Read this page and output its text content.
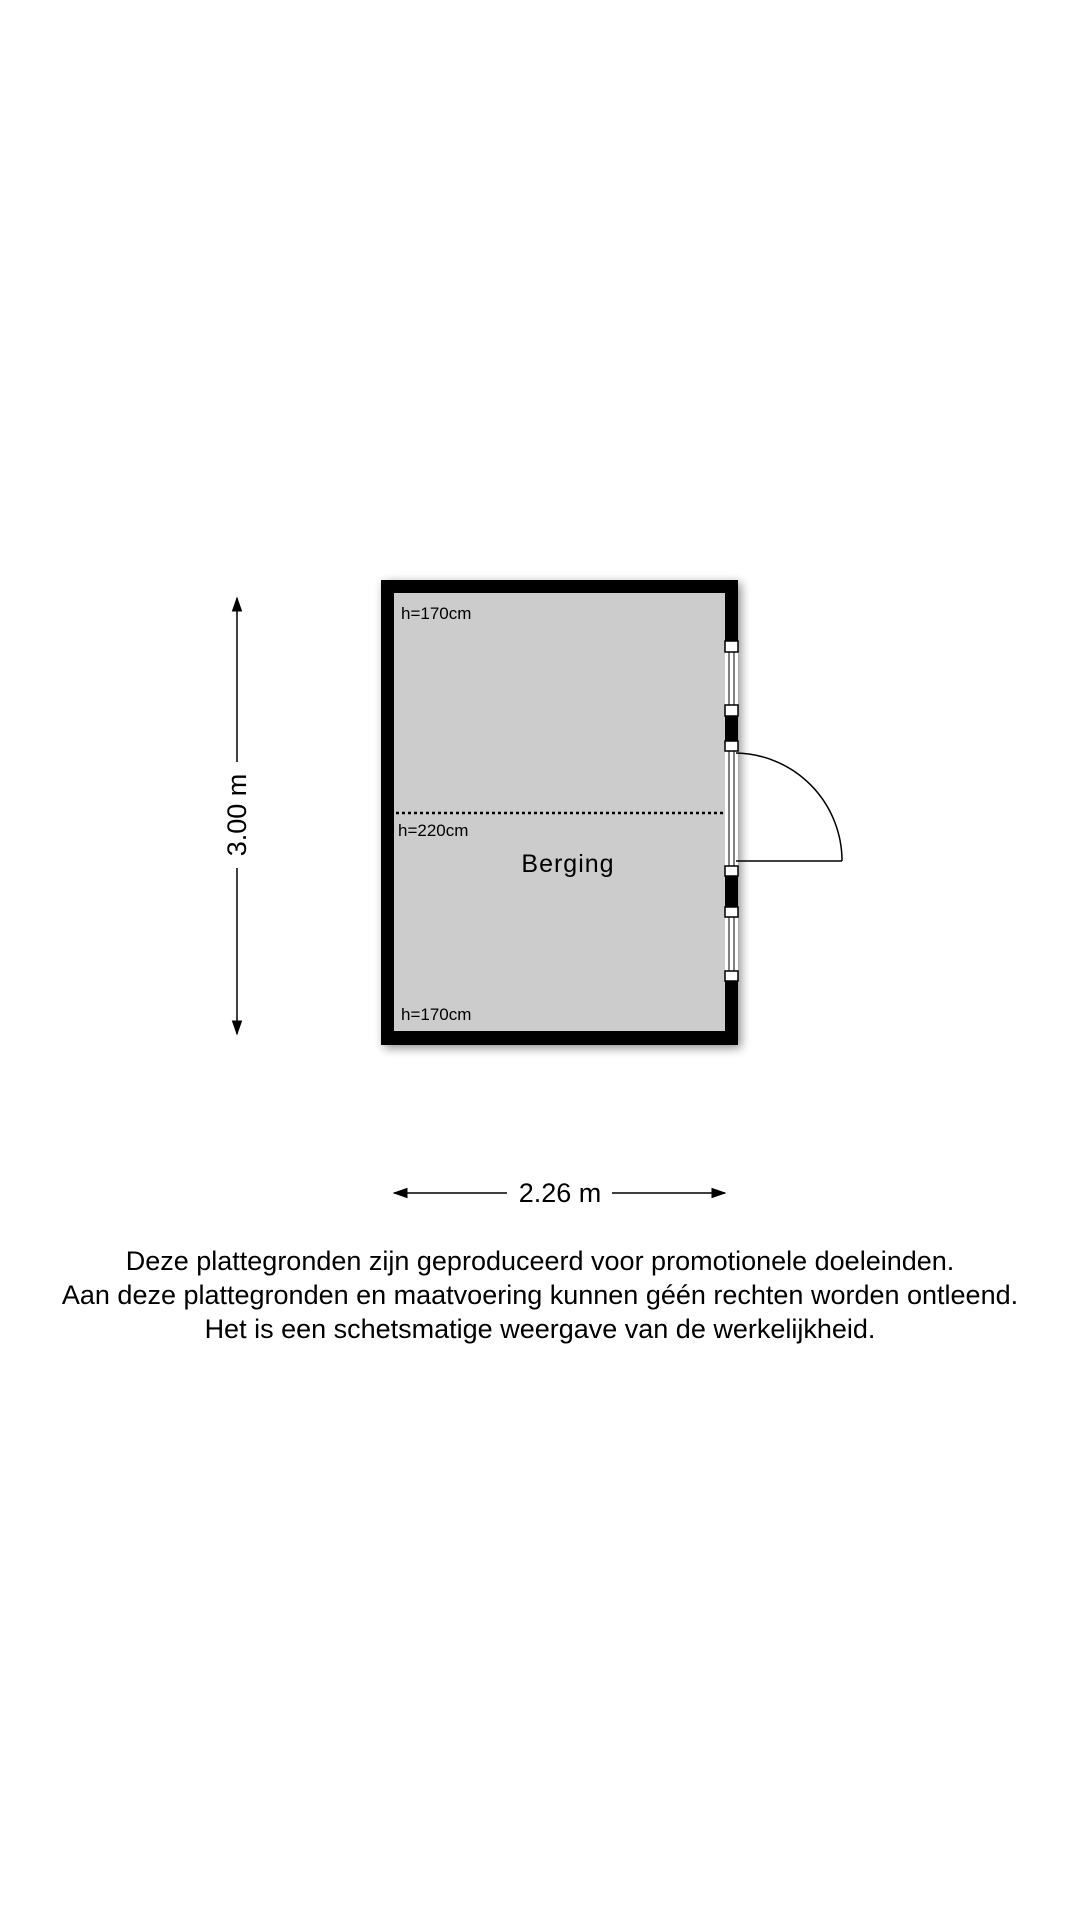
h=170cm
h=220cm
h=170cm
Berging
3.00 m
2.26 m
Deze plattegronden zijn geproduceerd voor promotionele doeleinden.
Aan deze plattegronden en maatvoering kunnen géén rechten worden ontleend.
Het is een schetsmatige weergave van de werkelijkheid.
